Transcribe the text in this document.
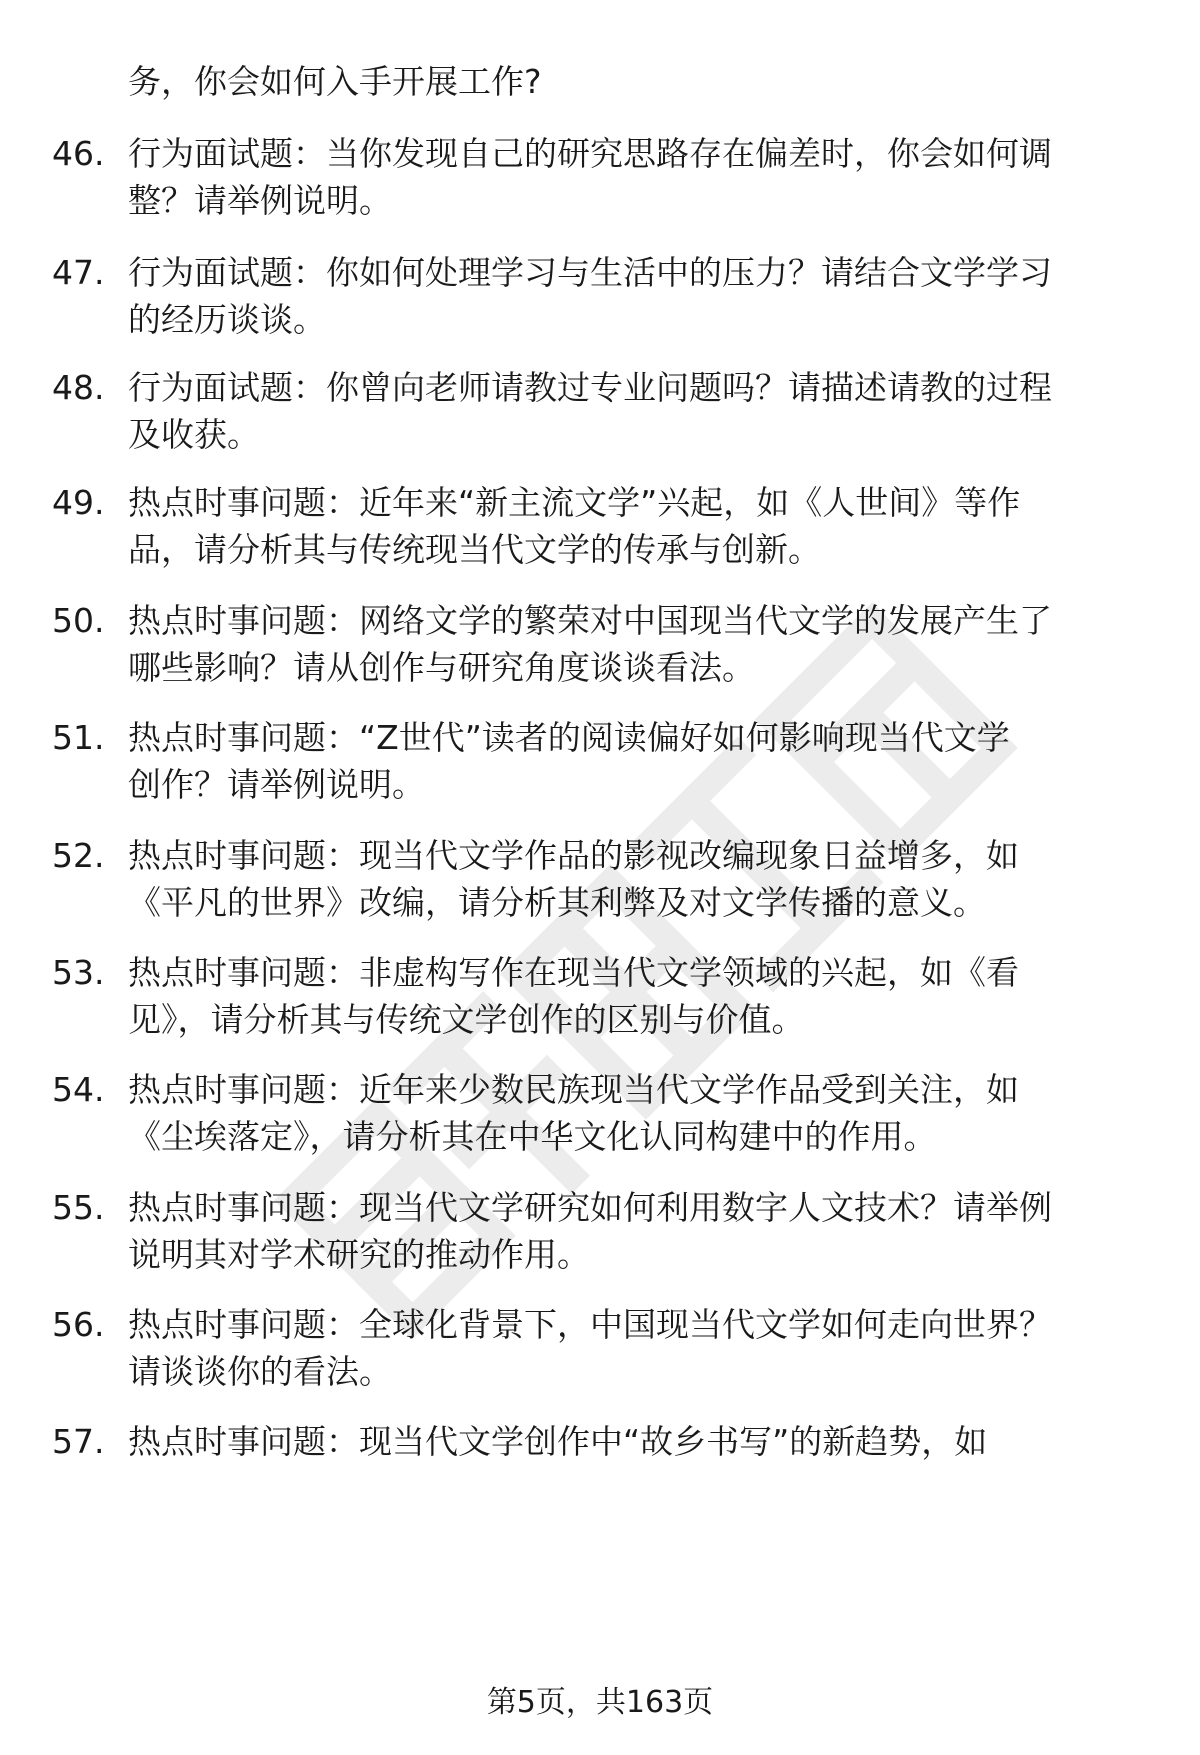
务，你会如何入手开展工作?
46. 行为面试题：当你发现自己的研究思路存在偏差时，你会如何调
整？请举例说明。
47. 行为面试题：你如何处理学习与生活中的压力？请结合文学学习
的经历谈谈。
48. 行为面试题：你曾向老师请教过专业问题吗？请描述请教的过程
及收获。
49. 热点时事问题：近年来“新主流文学”兴起，如《人世间》等作
品，请分析其与传统现当代文学的传承与创新。
50. 热点时事问题：网络文学的繁荣对中国现当代文学的发展产生了
哪些影响？请从创作与研究角度谈谈看法。
51. 热点时事问题：“Z世代”读者的阅读偏好如何影响现当代文学
创作？请举例说明。
52. 热点时事问题：现当代文学作品的影视改编现象日益增多，如
《平凡的世界》改编，请分析其利弊及对文学传播的意义。
53. 热点时事问题：非虚构写作在现当代文学领域的兴起，如《看
见》，请分析其与传统文学创作的区别与价值。
54. 热点时事问题：近年来少数民族现当代文学作品受到关注，如
《尘埃落定》，请分析其在中华文化认同构建中的作用。
55. 热点时事问题：现当代文学研究如何利用数字人文技术？请举例
说明其对学术研究的推动作用。
56. 热点时事问题：全球化背景下，中国现当代文学如何走向世界？
请谈谈你的看法。
57. 热点时事问题：现当代文学创作中“故乡书写”的新趋势，如
第5页，共163页
